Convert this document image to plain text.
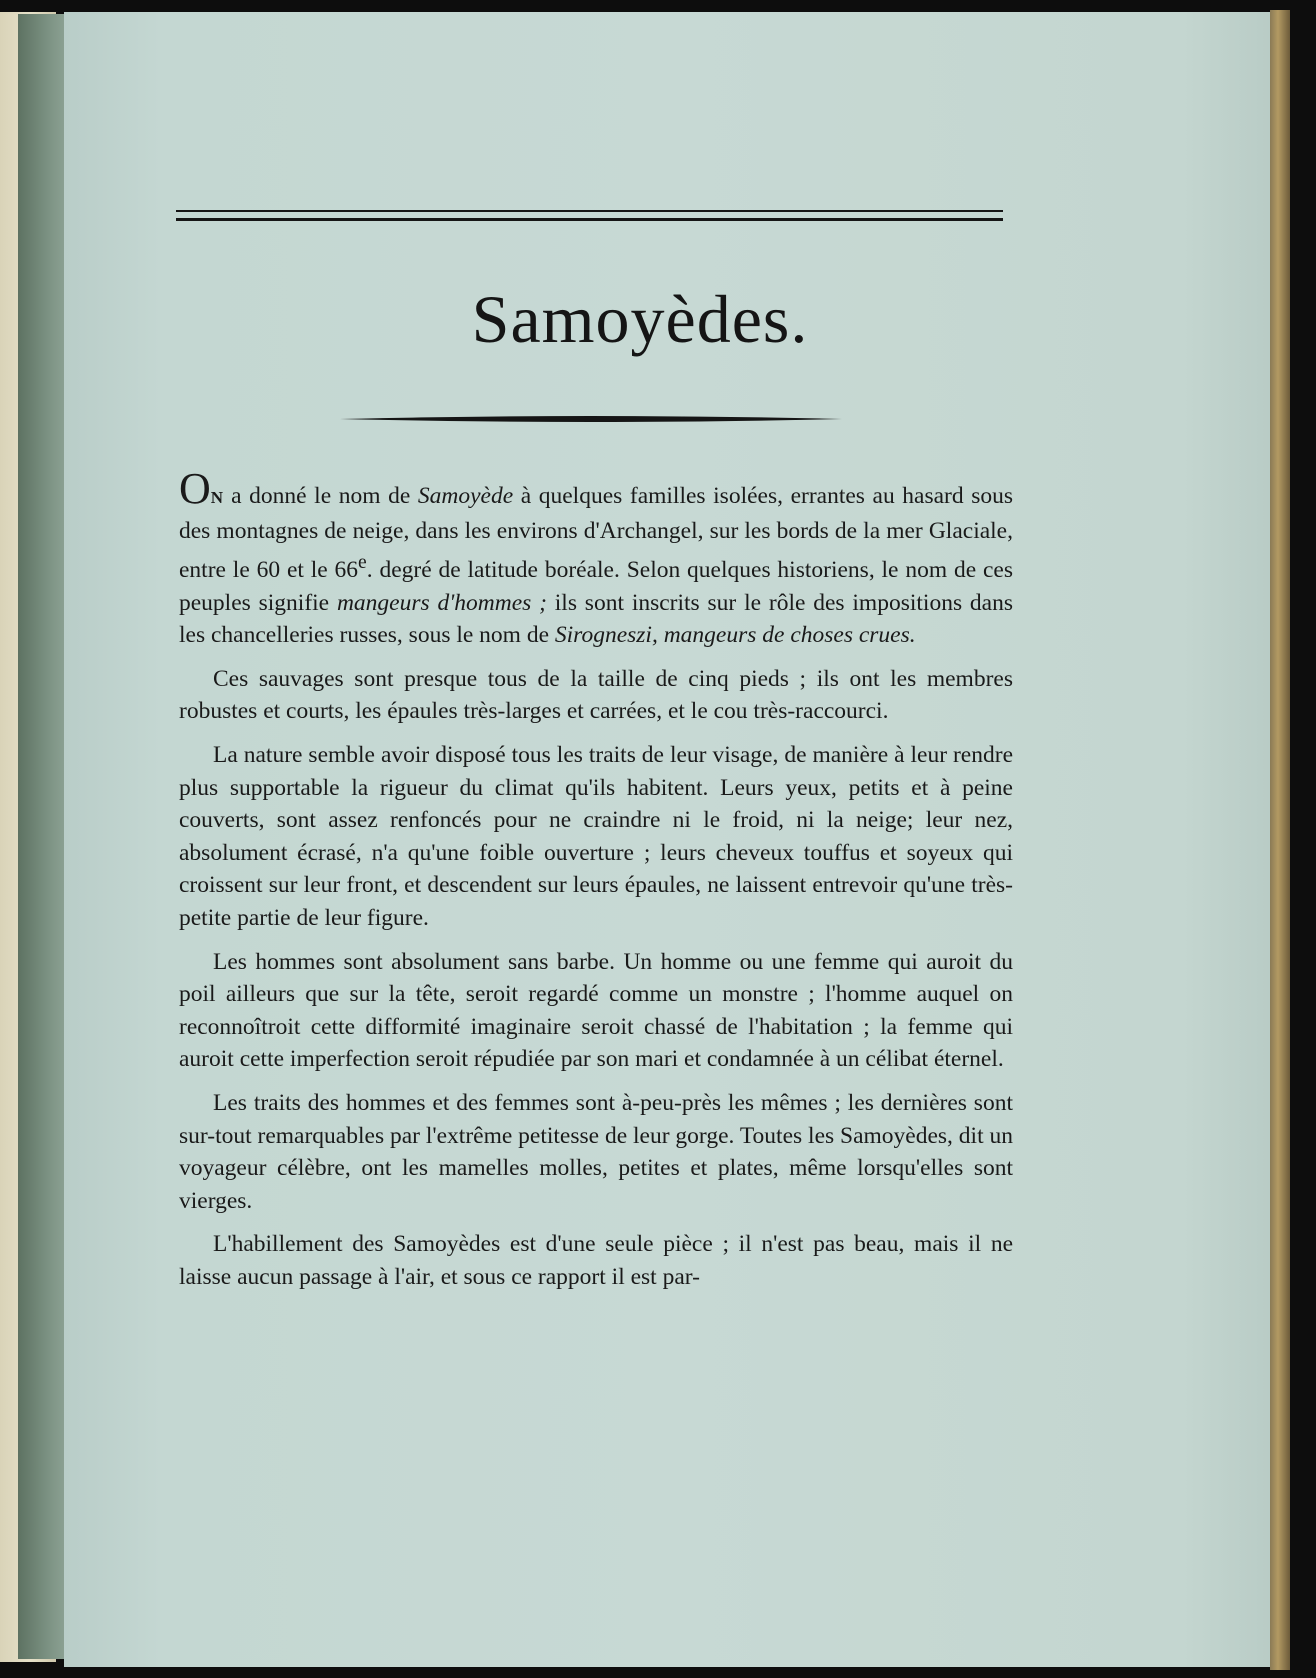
Samoyèdes.

ON a donné le nom de Samoyède à quelques familles isolées, errantes au hasard sous des montagnes de neige, dans les environs d'Archangel, sur les bords de la mer Glaciale, entre le 60 et le 66e. degré de latitude boréale. Selon quelques historiens, le nom de ces peuples signifie mangeurs d'hommes ; ils sont inscrits sur le rôle des impositions dans les chancelleries russes, sous le nom de Sirogneszi, mangeurs de choses crues.

Ces sauvages sont presque tous de la taille de cinq pieds ; ils ont les membres robustes et courts, les épaules très-larges et carrées, et le cou très-raccourci.

La nature semble avoir disposé tous les traits de leur visage, de manière à leur rendre plus supportable la rigueur du climat qu'ils habitent. Leurs yeux, petits et à peine couverts, sont assez renfoncés pour ne craindre ni le froid, ni la neige; leur nez, absolument écrasé, n'a qu'une foible ouverture ; leurs cheveux touffus et soyeux qui croissent sur leur front, et descendent sur leurs épaules, ne laissent entrevoir qu'une très-petite partie de leur figure.

Les hommes sont absolument sans barbe. Un homme ou une femme qui auroit du poil ailleurs que sur la tête, seroit regardé comme un monstre ; l'homme auquel on reconnoîtroit cette difformité imaginaire seroit chassé de l'habitation ; la femme qui auroit cette imperfection seroit répudiée par son mari et condamnée à un célibat éternel.

Les traits des hommes et des femmes sont à-peu-près les mêmes ; les dernières sont sur-tout remarquables par l'extrême petitesse de leur gorge. Toutes les Samoyèdes, dit un voyageur célèbre, ont les mamelles molles, petites et plates, même lorsqu'elles sont vierges.

L'habillement des Samoyèdes est d'une seule pièce ; il n'est pas beau, mais il ne laisse aucun passage à l'air, et sous ce rapport il est par-
